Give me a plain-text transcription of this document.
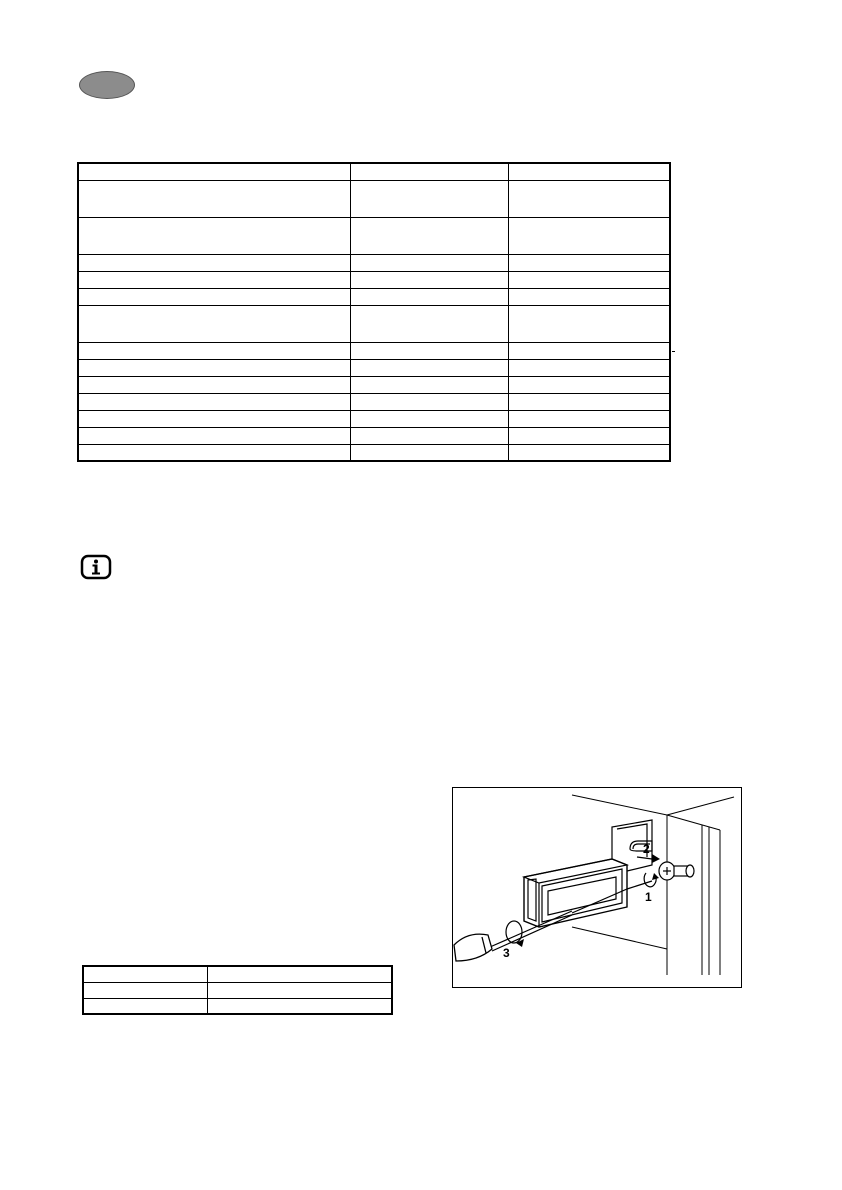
2
1
3
